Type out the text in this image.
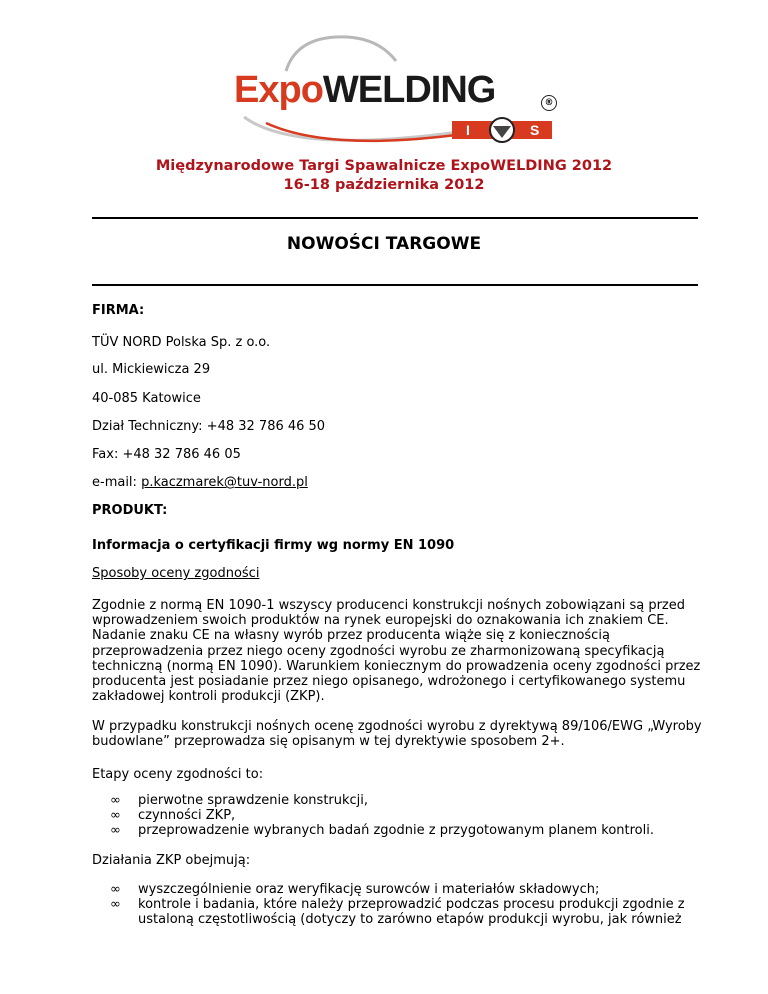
ExpoWELDING	®
I	S
Międzynarodowe Targi Spawalnicze ExpoWELDING 2012
16-18 października 2012
NOWOŚCI TARGOWE
FIRMA:
TÜV NORD Polska Sp. z o.o.
ul. Mickiewicza 29
40-085 Katowice
Dział Techniczny: +48 32 786 46 50
Fax: +48 32 786 46 05
e-mail: p.kaczmarek@tuv-nord.pl
PRODUKT:
Informacja o certyfikacji firmy wg normy EN 1090
Sposoby oceny zgodności
Zgodnie z normą EN 1090-1 wszyscy producenci konstrukcji nośnych zobowiązani są przed wprowadzeniem swoich produktów na rynek europejski do oznakowania ich znakiem CE. Nadanie znaku CE na własny wyrób przez producenta wiąże się z koniecznością przeprowadzenia przez niego oceny zgodności wyrobu ze zharmonizowaną specyfikacją techniczną (normą EN 1090). Warunkiem koniecznym do prowadzenia oceny zgodności przez producenta jest posiadanie przez niego opisanego, wdrożonego i certyfikowanego systemu zakładowej kontroli produkcji (ZKP).
W przypadku konstrukcji nośnych ocenę zgodności wyrobu z dyrektywą 89/106/EWG „Wyroby budowlane” przeprowadza się opisanym w tej dyrektywie sposobem 2+.
Etapy oceny zgodności to:
∞ pierwotne sprawdzenie konstrukcji,
∞ czynności ZKP,
∞ przeprowadzenie wybranych badań zgodnie z przygotowanym planem kontroli.
Działania ZKP obejmują:
∞ wyszczególnienie oraz weryfikację surowców i materiałów składowych;
∞ kontrole i badania, które należy przeprowadzić podczas procesu produkcji zgodnie z ustaloną częstotliwością (dotyczy to zarówno etapów produkcji wyrobu, jak również
